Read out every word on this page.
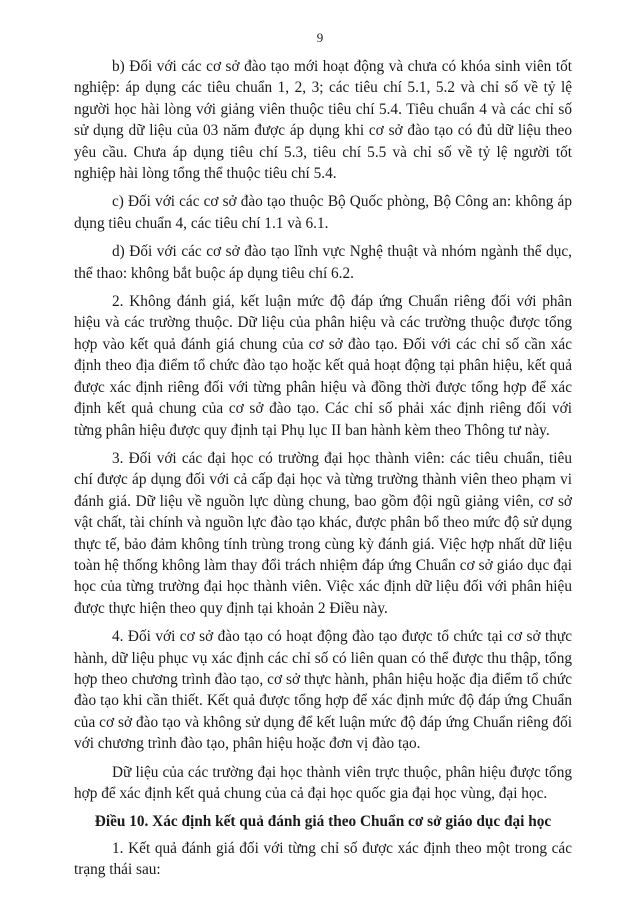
9

b) Đối với các cơ sở đào tạo mới hoạt động và chưa có khóa sinh viên tốt nghiệp: áp dụng các tiêu chuẩn 1, 2, 3; các tiêu chí 5.1, 5.2 và chỉ số về tỷ lệ người học hài lòng với giảng viên thuộc tiêu chí 5.4. Tiêu chuẩn 4 và các chỉ số sử dụng dữ liệu của 03 năm được áp dụng khi cơ sở đào tạo có đủ dữ liệu theo yêu cầu. Chưa áp dụng tiêu chí 5.3, tiêu chí 5.5 và chỉ số về tỷ lệ người tốt nghiệp hài lòng tổng thể thuộc tiêu chí 5.4.

c) Đối với các cơ sở đào tạo thuộc Bộ Quốc phòng, Bộ Công an: không áp dụng tiêu chuẩn 4, các tiêu chí 1.1 và 6.1.

d) Đối với các cơ sở đào tạo lĩnh vực Nghệ thuật và nhóm ngành thể dục, thể thao: không bắt buộc áp dụng tiêu chí 6.2.

2. Không đánh giá, kết luận mức độ đáp ứng Chuẩn riêng đối với phân hiệu và các trường thuộc. Dữ liệu của phân hiệu và các trường thuộc được tổng hợp vào kết quả đánh giá chung của cơ sở đào tạo. Đối với các chỉ số cần xác định theo địa điểm tổ chức đào tạo hoặc kết quả hoạt động tại phân hiệu, kết quả được xác định riêng đối với từng phân hiệu và đồng thời được tổng hợp để xác định kết quả chung của cơ sở đào tạo. Các chỉ số phải xác định riêng đối với từng phân hiệu được quy định tại Phụ lục II ban hành kèm theo Thông tư này.

3. Đối với các đại học có trường đại học thành viên: các tiêu chuẩn, tiêu chí được áp dụng đối với cả cấp đại học và từng trường thành viên theo phạm vi đánh giá. Dữ liệu về nguồn lực dùng chung, bao gồm đội ngũ giảng viên, cơ sở vật chất, tài chính và nguồn lực đào tạo khác, được phân bổ theo mức độ sử dụng thực tế, bảo đảm không tính trùng trong cùng kỳ đánh giá. Việc hợp nhất dữ liệu toàn hệ thống không làm thay đổi trách nhiệm đáp ứng Chuẩn cơ sở giáo dục đại học của từng trường đại học thành viên. Việc xác định dữ liệu đối với phân hiệu được thực hiện theo quy định tại khoản 2 Điều này.

4. Đối với cơ sở đào tạo có hoạt động đào tạo được tổ chức tại cơ sở thực hành, dữ liệu phục vụ xác định các chỉ số có liên quan có thể được thu thập, tổng hợp theo chương trình đào tạo, cơ sở thực hành, phân hiệu hoặc địa điểm tổ chức đào tạo khi cần thiết. Kết quả được tổng hợp để xác định mức độ đáp ứng Chuẩn của cơ sở đào tạo và không sử dụng để kết luận mức độ đáp ứng Chuẩn riêng đối với chương trình đào tạo, phân hiệu hoặc đơn vị đào tạo.

Dữ liệu của các trường đại học thành viên trực thuộc, phân hiệu được tổng hợp để xác định kết quả chung của cả đại học quốc gia đại học vùng, đại học.

Điều 10. Xác định kết quả đánh giá theo Chuẩn cơ sở giáo dục đại học

1. Kết quả đánh giá đối với từng chỉ số được xác định theo một trong các trạng thái sau:
